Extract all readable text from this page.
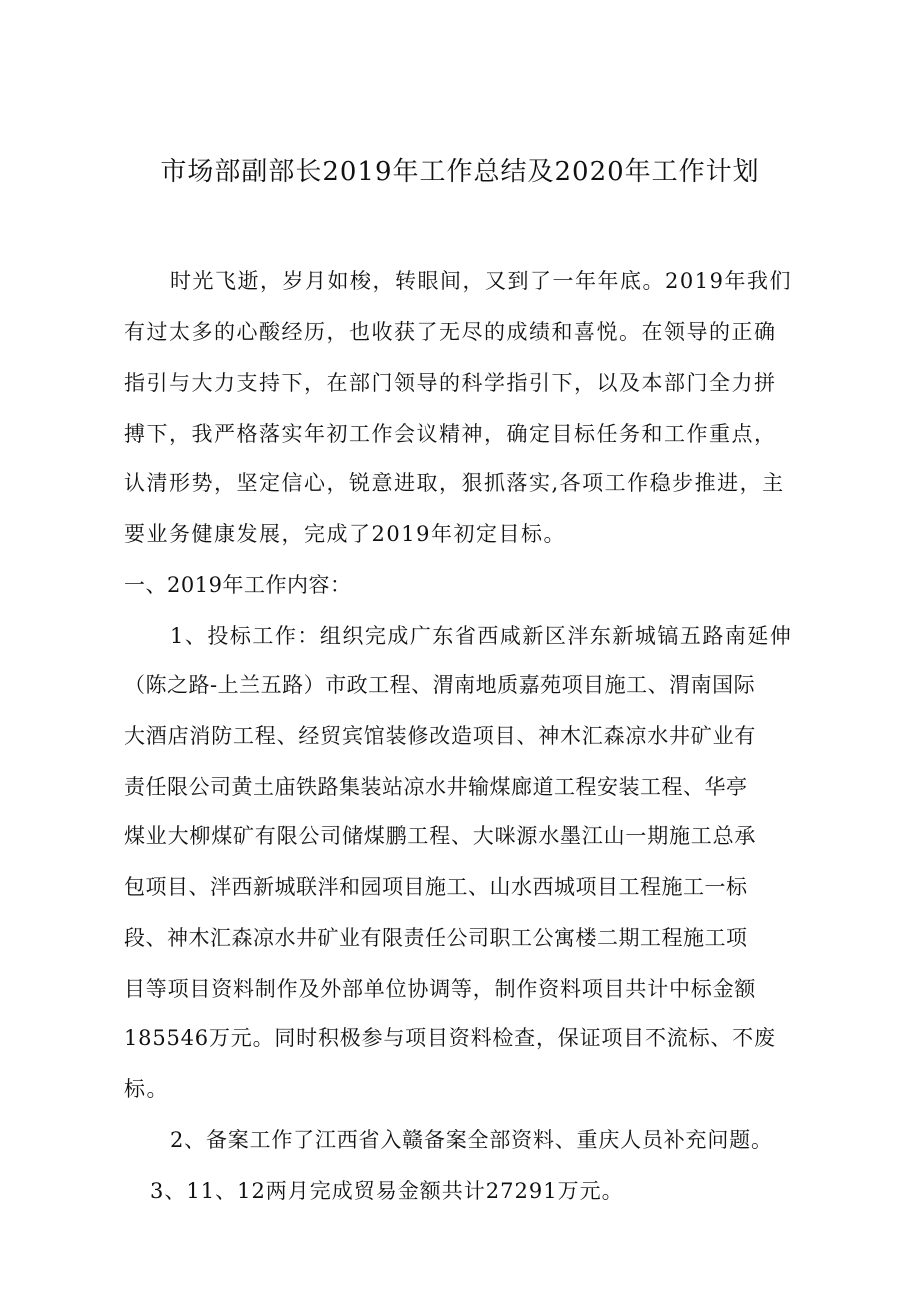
市场部副部长2019年工作总结及2020年工作计划
时光飞逝，岁月如梭，转眼间，又到了一年年底。2019年我们
有过太多的心酸经历，也收获了无尽的成绩和喜悦。在领导的正确
指引与大力支持下，在部门领导的科学指引下，以及本部门全力拼
搏下，我严格落实年初工作会议精神，确定目标任务和工作重点，
认清形势，坚定信心，锐意进取，狠抓落实,各项工作稳步推进，主
要业务健康发展，完成了2019年初定目标。
一、2019年工作内容：
1、投标工作：组织完成广东省西咸新区泮东新城镐五路南延伸
（陈之路-上兰五路）市政工程、渭南地质嘉苑项目施工、渭南国际
大酒店消防工程、经贸宾馆装修改造项目、神木汇森凉水井矿业有
责任限公司黄土庙铁路集装站凉水井输煤廊道工程安装工程、华亭
煤业大柳煤矿有限公司储煤鹏工程、大咪源水墨江山一期施工总承
包项目、泮西新城联泮和园项目施工、山水西城项目工程施工一标
段、神木汇森凉水井矿业有限责任公司职工公寓楼二期工程施工项
目等项目资料制作及外部单位协调等，制作资料项目共计中标金额
185546万元。同时积极参与项目资料检查，保证项目不流标、不废
标。
2、备案工作了江西省入赣备案全部资料、重庆人员补充问题。
3、11、12两月完成贸易金额共计27291万元。
